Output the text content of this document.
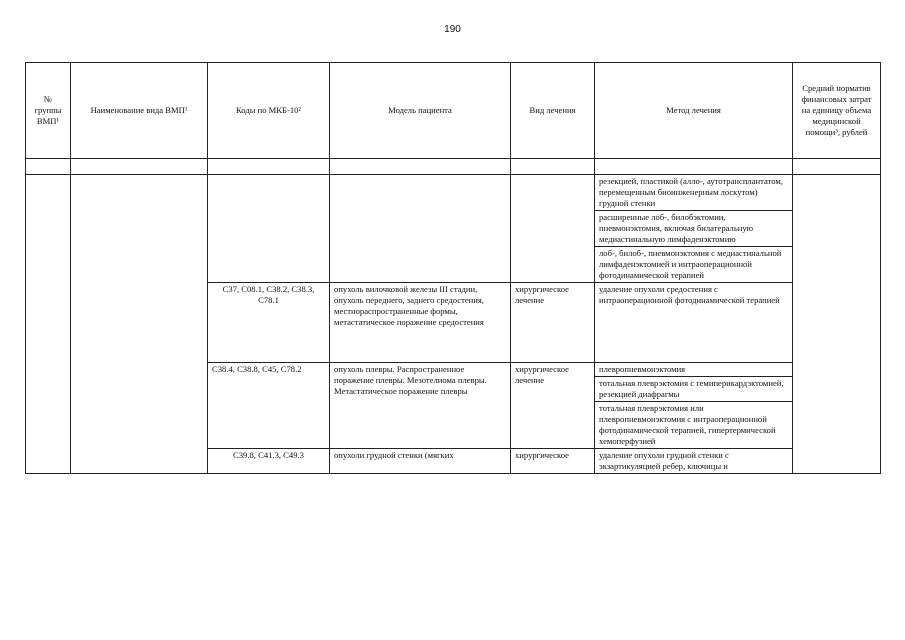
190
№ группы ВМП¹	Наименование вида ВМП¹	Коды по МКБ-10²	Модель пациента	Вид лечения	Метод лечения	Средний норматив финансовых затрат на единицу объема медицинской помощи³, рублей

					резекцией, пластикой (алло-, аутотрансплантатом, перемещенным биоинженерным лоскутом) грудной стенки	
					расширенные лоб-, билобэктомии, пневмонэктомия, включая билатеральную медиастинальную лимфаденэктомию	
					лоб-, билоб-, пневмонэктомия с медиастинальной лимфаденэктомией и интраоперационной фотодинамической терапией	
		C37, C08.1, C38.2, C38.3, C78.1	опухоль вилочковой железы III стадии, опухоль переднего, заднего средостения, местнораспространенные формы, метастатическое поражение средостения	хирургическое лечение	удаление опухоли средостения с интраоперационной фотодинамической терапией	
		C38.4, C38.8, C45, C78.2	опухоль плевры. Распространенное поражение плевры. Мезотелиома плевры. Метастатическое поражение плевры	хирургическое лечение	плевропневмонэктомия	
					тотальная плеврэктомия с гемиперикардэктомией, резекцией диафрагмы	
					тотальная плеврэктомия или плевропневмонэктомия с интраоперационной фотодинамической терапией, гипертермической хемоперфузией	
		C39.8, C41.3, C49.3	опухоли грудной стенки (мягких	хирургическое	удаление опухоли грудной стенки с экзартикуляцией ребер, ключицы и	
